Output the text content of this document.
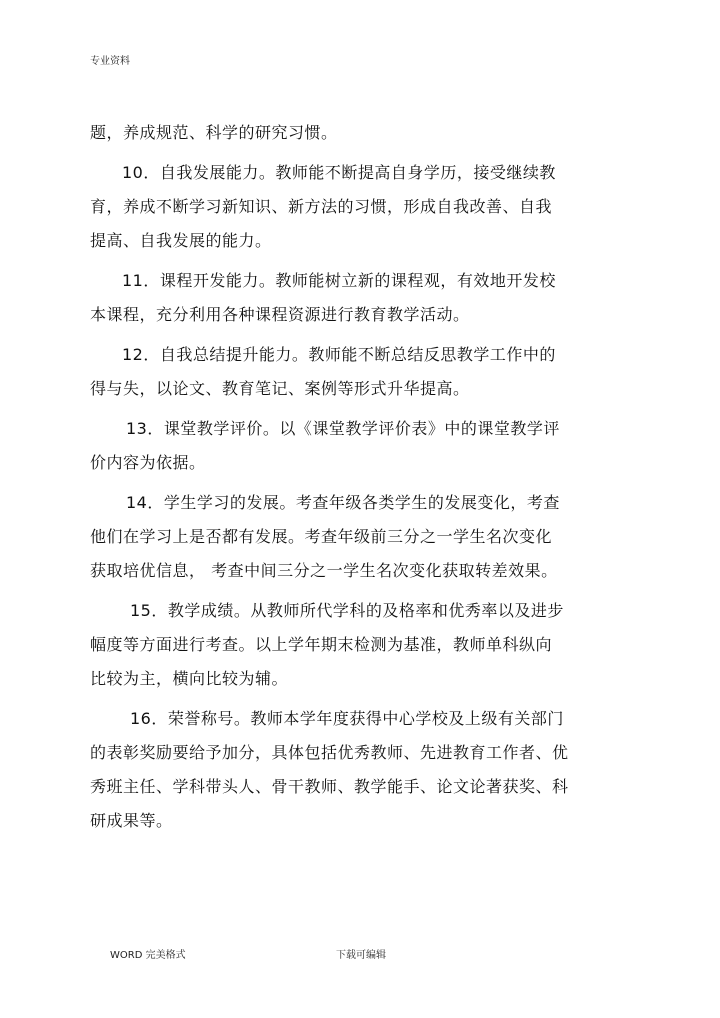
专业资料
题，养成规范、科学的研究习惯。
10．自我发展能力。教师能不断提高自身学历，接受继续教
育，养成不断学习新知识、新方法的习惯，形成自我改善、自我
提高、自我发展的能力。
11．课程开发能力。教师能树立新的课程观，有效地开发校
本课程，充分利用各种课程资源进行教育教学活动。
12．自我总结提升能力。教师能不断总结反思教学工作中的
得与失，以论文、教育笔记、案例等形式升华提高。
13．课堂教学评价。以《课堂教学评价表》中的课堂教学评
价内容为依据。
14．学生学习的发展。考查年级各类学生的发展变化，考查
他们在学习上是否都有发展。考查年级前三分之一学生名次变化
获取培优信息， 考查中间三分之一学生名次变化获取转差效果。
15．教学成绩。从教师所代学科的及格率和优秀率以及进步
幅度等方面进行考查。以上学年期末检测为基准，教师单科纵向
比较为主，横向比较为辅。
16．荣誉称号。教师本学年度获得中心学校及上级有关部门
的表彰奖励要给予加分，具体包括优秀教师、先进教育工作者、优
秀班主任、学科带头人、骨干教师、教学能手、论文论著获奖、科
研成果等。
WORD 完美格式	下载可编辑
